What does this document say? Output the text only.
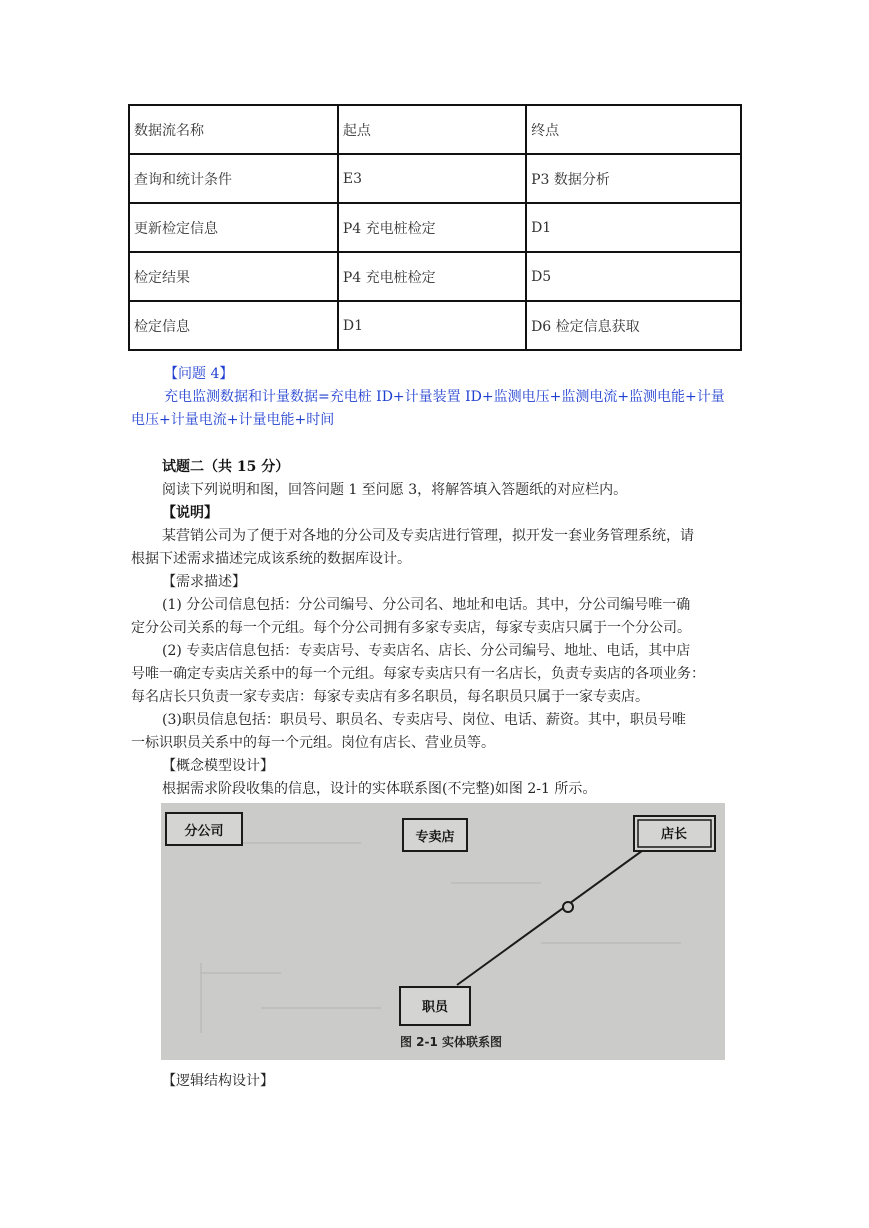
数据流名称	起点	终点
查询和统计条件	E3	P3 数据分析
更新检定信息	P4 充电桩检定	D1
检定结果	P4 充电桩检定	D5
检定信息	D1	D6 检定信息获取
【问题 4】
充电监测数据和计量数据=充电桩 ID+计量装置 ID+监测电压+监测电流+监测电能+计量
电压+计量电流+计量电能+时间
试题二（共 15 分）
阅读下列说明和图，回答问题 1 至问愿 3，将解答填入答题纸的对应栏内。
【说明】
某营销公司为了便于对各地的分公司及专卖店进行管理，拟开发一套业务管理系统，请
根据下述需求描述完成该系统的数据库设计。
【需求描述】
(1) 分公司信息包括：分公司编号、分公司名、地址和电话。其中，分公司编号唯一确
定分公司关系的每一个元组。每个分公司拥有多家专卖店，每家专卖店只属于一个分公司。
(2) 专卖店信息包括：专卖店号、专卖店名、店长、分公司编号、地址、电话，其中店
号唯一确定专卖店关系中的每一个元组。每家专卖店只有一名店长，负责专卖店的各项业务：
每名店长只负责一家专卖店：每家专卖店有多名职员，每名职员只属于一家专卖店。
(3)职员信息包括：职员号、职员名、专卖店号、岗位、电话、薪资。其中，职员号唯
一标识职员关系中的每一个元组。岗位有店长、营业员等。
【概念模型设计】
根据需求阶段收集的信息，设计的实体联系图(不完整)如图 2-1 所示。
分公司	专卖店	店长
职员
图 2-1 实体联系图
【逻辑结构设计】
